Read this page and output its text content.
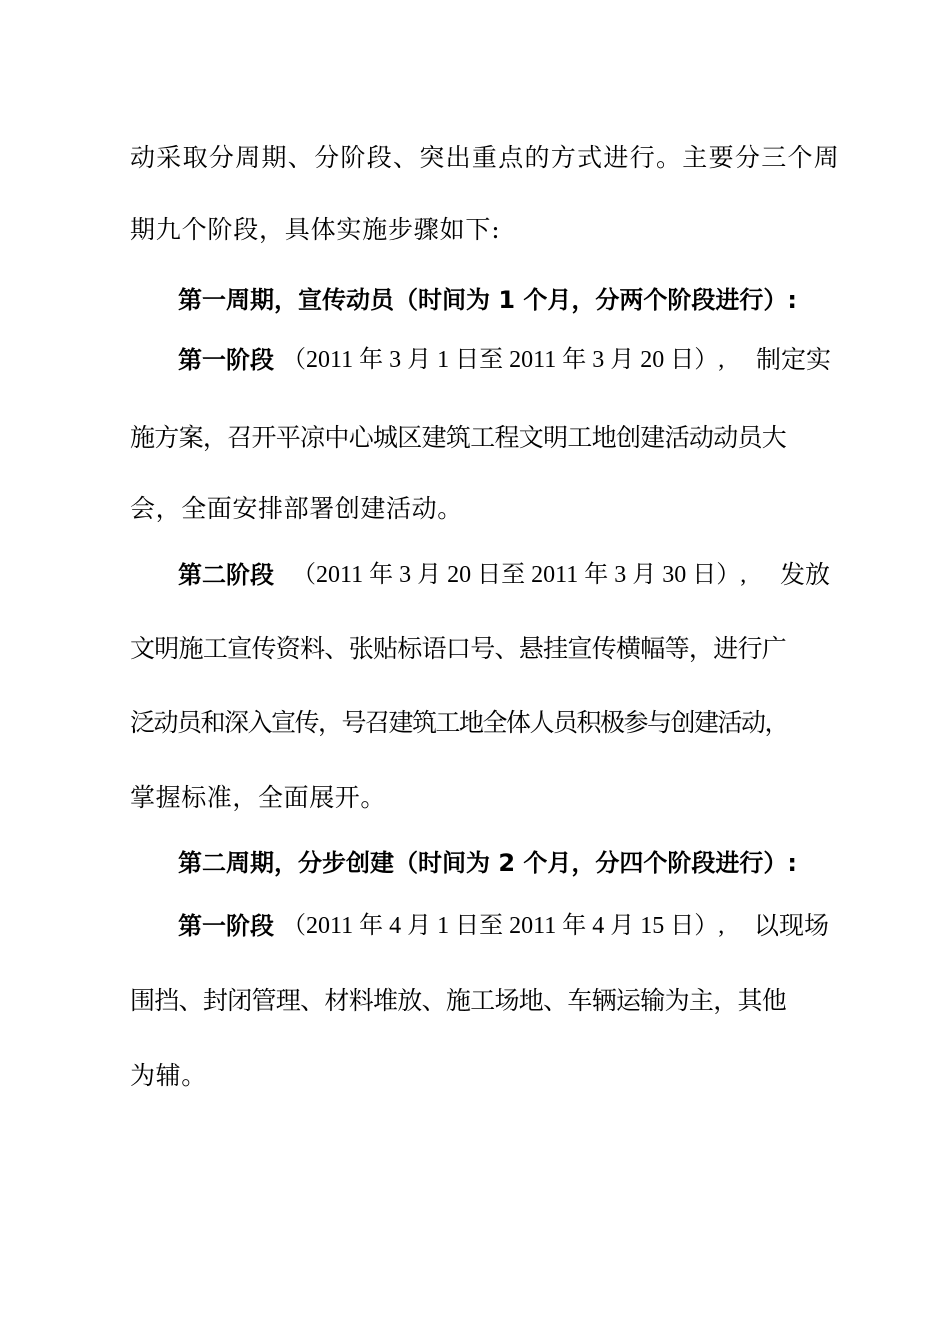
动采取分周期、分阶段、突出重点的方式进行。主要分三个周
期九个阶段，具体实施步骤如下:
第一周期，宣传动员（时间为 1 个月，分两个阶段进行）:
第一阶段 （2011 年 3 月 1 日至 2011 年 3 月 20 日）, 制定实
施方案，召开平凉中心城区建筑工程文明工地创建活动动员大
会，全面安排部署创建活动。
第二阶段 （2011 年 3 月 20 日至 2011 年 3 月 30 日）, 发放
文明施工宣传资料、张贴标语口号、悬挂宣传横幅等，进行广
泛动员和深入宣传，号召建筑工地全体人员积极参与创建活动，
掌握标准，全面展开。
第二周期，分步创建（时间为 2 个月，分四个阶段进行）:
第一阶段 （2011 年 4 月 1 日至 2011 年 4 月 15 日）, 以现场
围挡、封闭管理、材料堆放、施工场地、车辆运输为主，其他
为辅。
